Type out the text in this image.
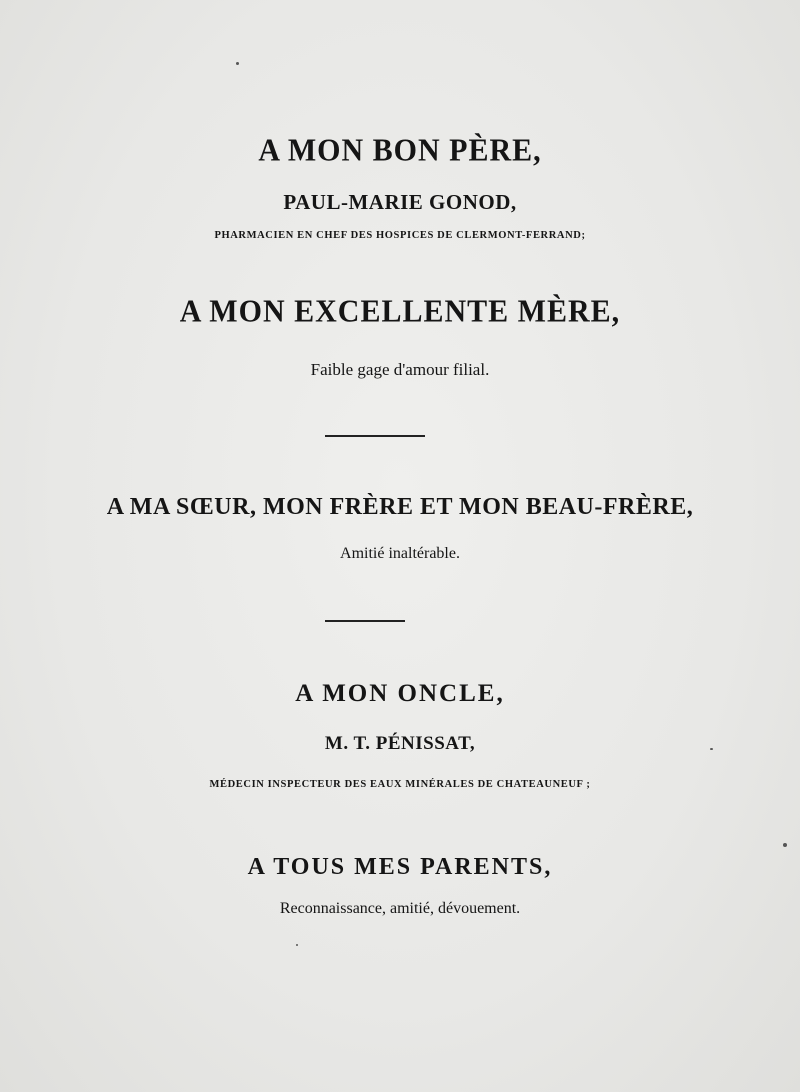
A MON BON PÈRE,
PAUL-MARIE GONOD,
PHARMACIEN EN CHEF DES HOSPICES DE CLERMONT-FERRAND;
A MON EXCELLENTE MÈRE,
Faible gage d'amour filial.
A MA SŒUR, MON FRÈRE ET MON BEAU-FRÈRE,
Amitié inaltérable.
A MON ONCLE,
M. T. PÉNISSAT,
MÉDECIN INSPECTEUR DES EAUX MINÉRALES DE CHATEAUNEUF ;
A TOUS MES PARENTS,
Reconnaissance, amitié, dévouement.
